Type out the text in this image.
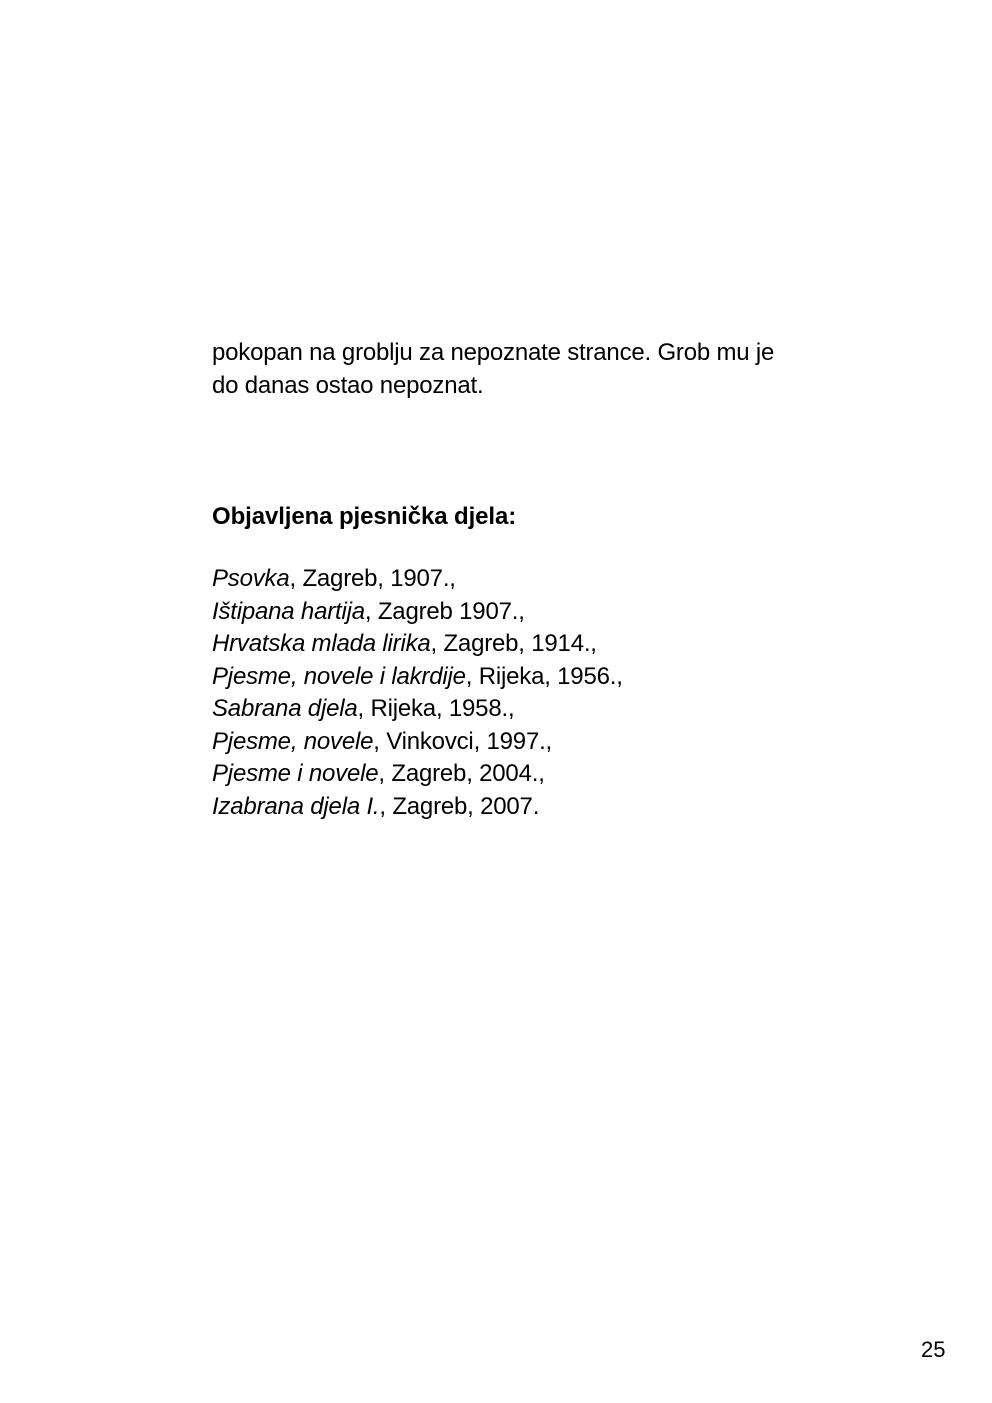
pokopan na groblju za nepoznate strance. Grob mu je
do danas ostao nepoznat.

Objavljena pjesnička djela:
Psovka, Zagreb, 1907.,
Ištipana hartija, Zagreb 1907.,
Hrvatska mlada lirika, Zagreb, 1914.,
Pjesme, novele i lakrdije, Rijeka, 1956.,
Sabrana djela, Rijeka, 1958.,
Pjesme, novele, Vinkovci, 1997.,
Pjesme i novele, Zagreb, 2004.,
Izabrana djela I., Zagreb, 2007.

25
